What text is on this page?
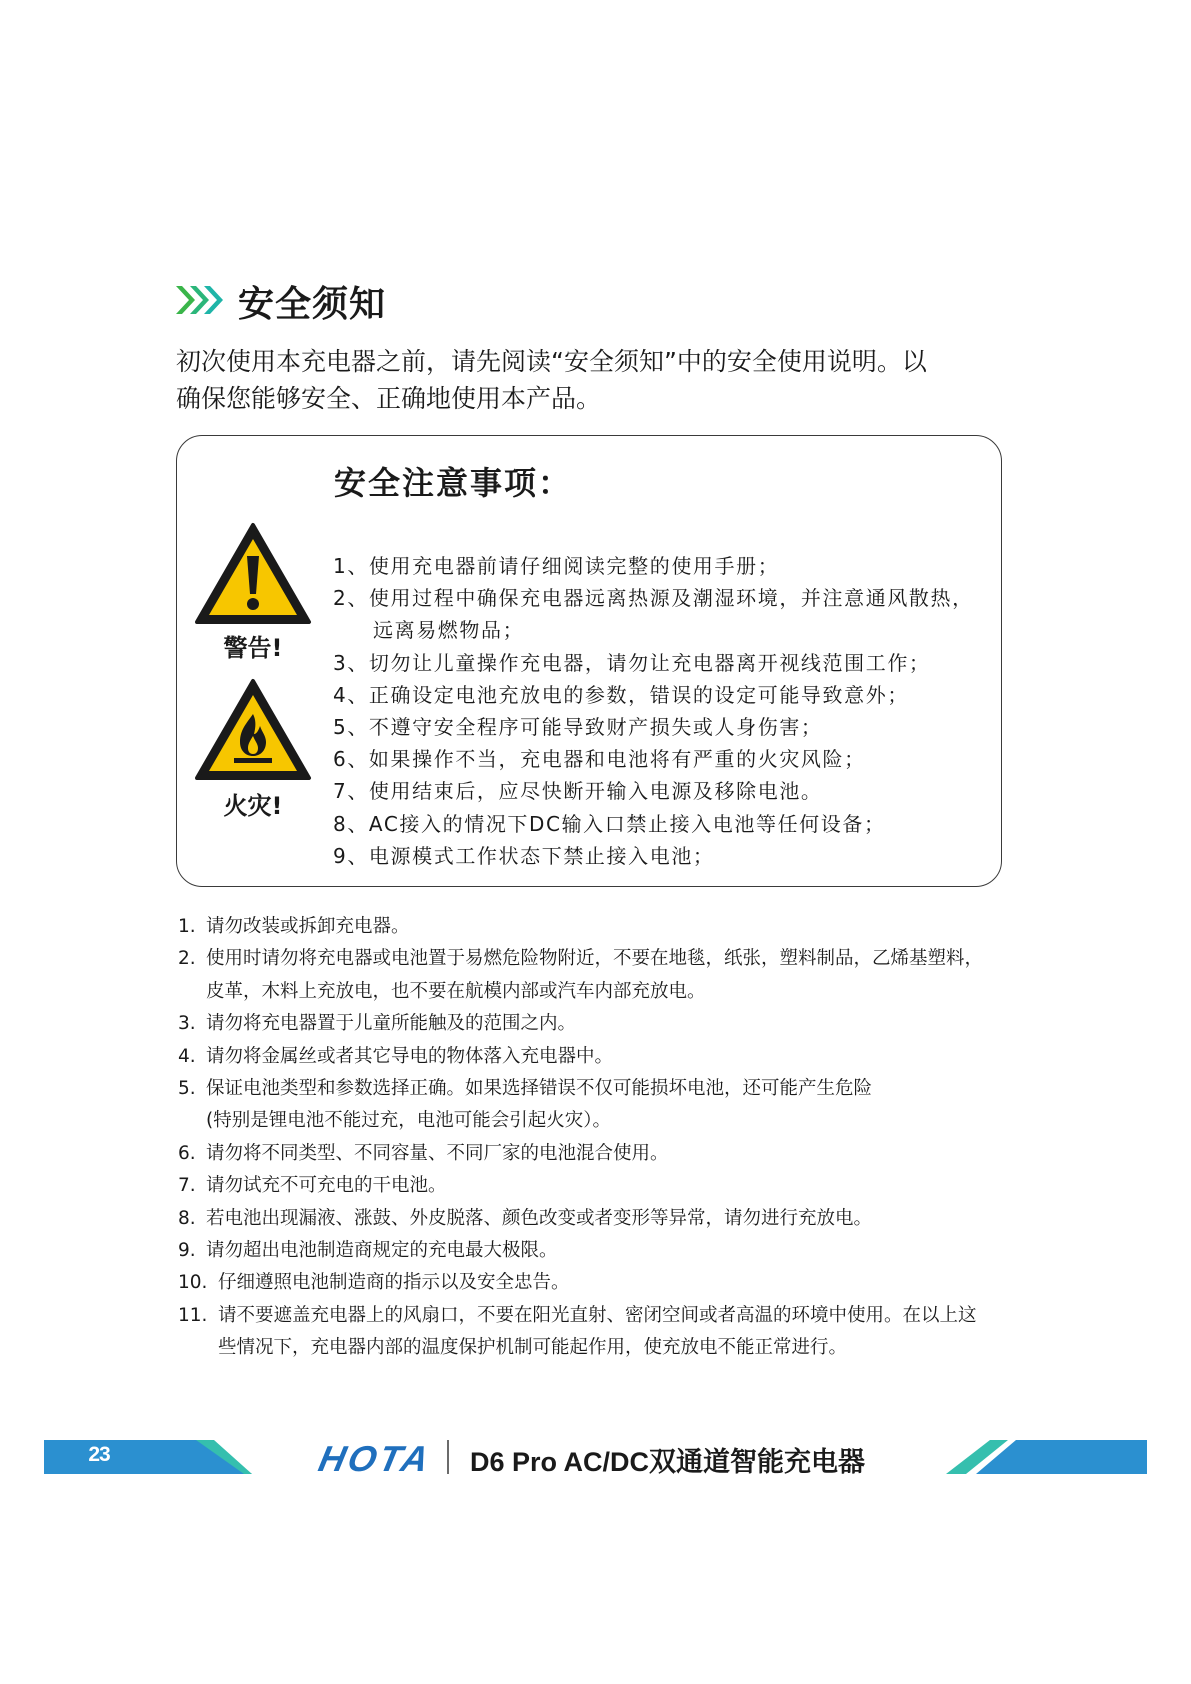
安全须知
初次使用本充电器之前，请先阅读“安全须知”中的安全使用说明。以
确保您能够安全、正确地使用本产品。
安全注意事项：
警告!
火灾!
1、使用充电器前请仔细阅读完整的使用手册；
2、使用过程中确保充电器远离热源及潮湿环境，并注意通风散热，
远离易燃物品；
3、切勿让儿童操作充电器，请勿让充电器离开视线范围工作；
4、正确设定电池充放电的参数，错误的设定可能导致意外；
5、不遵守安全程序可能导致财产损失或人身伤害；
6、如果操作不当，充电器和电池将有严重的火灾风险；
7、使用结束后，应尽快断开输入电源及移除电池。
8、AC接入的情况下DC输入口禁止接入电池等任何设备；
9、电源模式工作状态下禁止接入电池；
1. 请勿改装或拆卸充电器。
2. 使用时请勿将充电器或电池置于易燃危险物附近，不要在地毯，纸张，塑料制品，乙烯基塑料，
皮革，木料上充放电，也不要在航模内部或汽车内部充放电。
3. 请勿将充电器置于儿童所能触及的范围之内。
4. 请勿将金属丝或者其它导电的物体落入充电器中。
5. 保证电池类型和参数选择正确。如果选择错误不仅可能损坏电池，还可能产生危险
(特别是锂电池不能过充，电池可能会引起火灾）。
6. 请勿将不同类型、不同容量、不同厂家的电池混合使用。
7. 请勿试充不可充电的干电池。
8. 若电池出现漏液、涨鼓、外皮脱落、颜色改变或者变形等异常，请勿进行充放电。
9. 请勿超出电池制造商规定的充电最大极限。
10. 仔细遵照电池制造商的指示以及安全忠告。
11. 请不要遮盖充电器上的风扇口，不要在阳光直射、密闭空间或者高温的环境中使用。在以上这
些情况下，充电器内部的温度保护机制可能起作用，使充放电不能正常进行。
23	HOTA D6 Pro AC/DC双通道智能充电器
